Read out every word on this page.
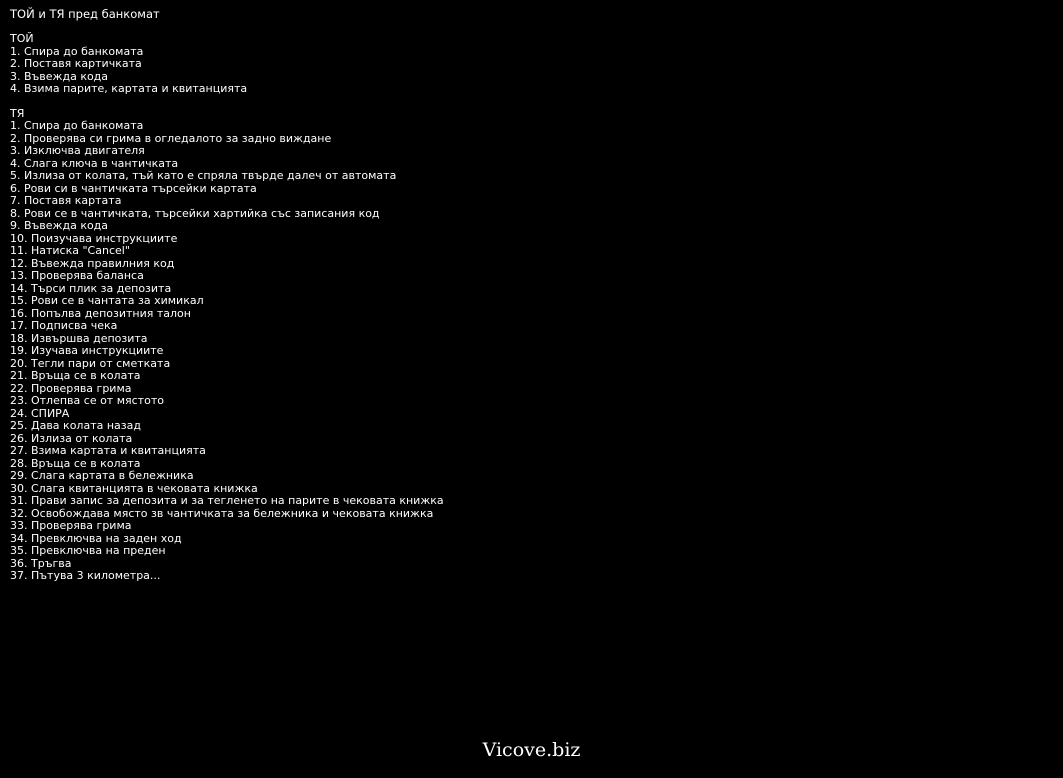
ТОЙ и ТЯ пред банкомат
ТОЙ
1. Спира до банкомата
2. Поставя картичката
3. Въвежда кода
4. Взима парите, картата и квитанцията
ТЯ
1. Спира до банкомата
2. Проверява си грима в огледалото за задно виждане
3. Изключва двигателя
4. Слага ключа в чантичката
5. Излиза от колата, тъй като е спряла твърде далеч от автомата
6. Рови си в чантичката търсейки картата
7. Поставя картата
8. Рови се в чантичката, търсейки хартийка със записания код
9. Въвежда кода
10. Поизучава инструкциите
11. Натиска "Cancel"
12. Въвежда правилния код
13. Проверява баланса
14. Търси плик за депозита
15. Рови се в чантата за химикал
16. Попълва депозитния талон
17. Подписва чека
18. Извършва депозита
19. Изучава инструкциите
20. Тегли пари от сметката
21. Връща се в колата
22. Проверява грима
23. Отлепва се от мястото
24. СПИРА
25. Дава колата назад
26. Излиза от колата
27. Взима картата и квитанцията
28. Връща се в колата
29. Слага картата в бележника
30. Слага квитанцията в чековата книжка
31. Прави запис за депозита и за тегленето на парите в чековата книжка
32. Освобождава място зв чантичката за бележника и чековата книжка
33. Проверява грима
34. Превключва на заден ход
35. Превключва на преден
36. Тръгва
37. Пътува 3 километра...
Vicove.biz
